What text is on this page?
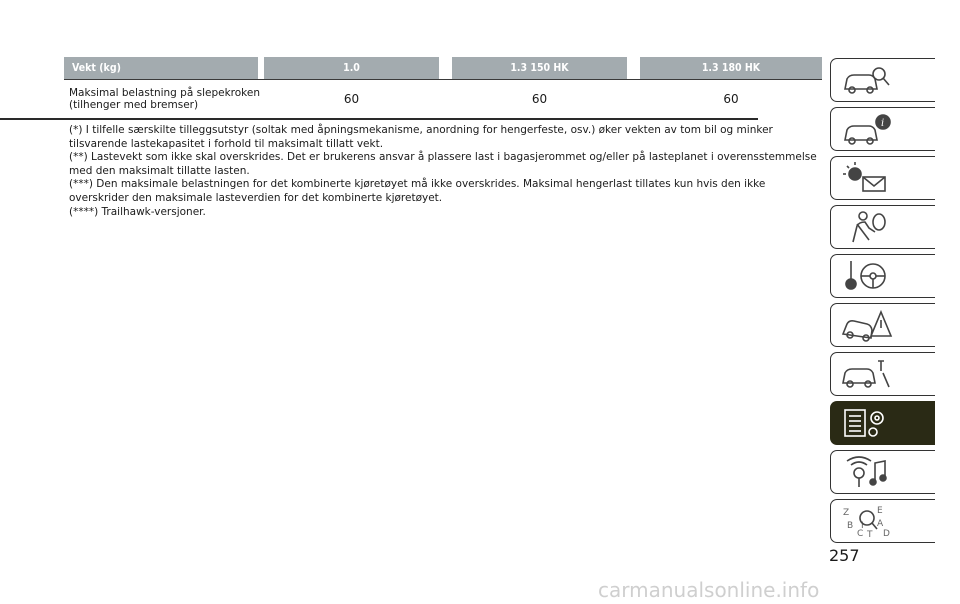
Vekt (kg)	1.0	1.3 150 HK	1.3 180 HK
Maksimal belastning på slepekroken
(tilhenger med bremser)	60	60	60

(*) I tilfelle særskilte tilleggsutstyr (soltak med åpningsmekanisme, anordning for hengerfeste, osv.) øker vekten av tom bil og minker tilsvarende lastekapasitet i forhold til maksimalt tillatt vekt.

(**) Lastevekt som ikke skal overskrides. Det er brukerens ansvar å plassere last i bagasjerommet og/eller på lasteplanet i overensstemmelse med den maksimalt tillatte lasten.

(***) Den maksimale belastningen for det kombinerte kjøretøyet må ikke overskrides. Maksimal hengerlast tillates kun hvis den ikke overskrider den maksimale lasteverdien for det kombinerte kjøretøyet.

(****) Trailhawk-versjoner.

i
Z	E
B	A
C D
T
I
257
carmanualsonline.info
